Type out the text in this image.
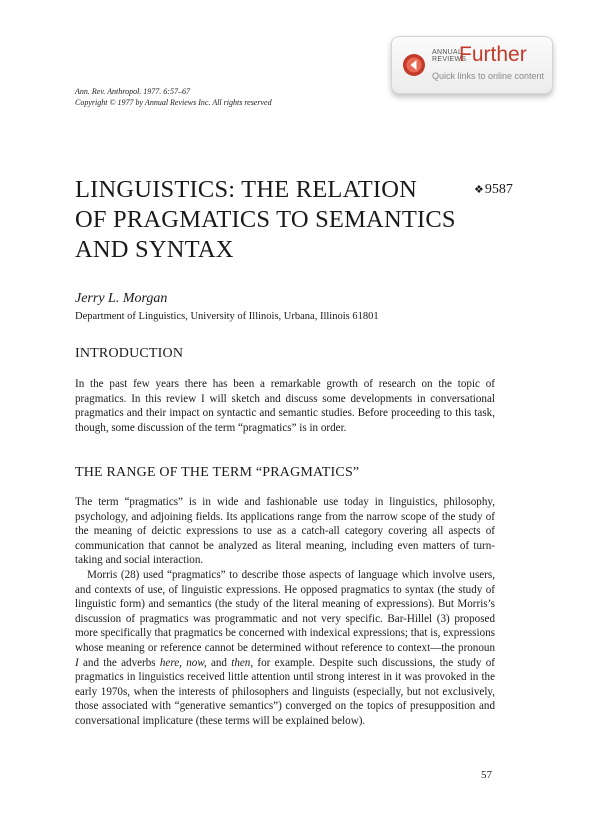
ANNUAL
REVIEWS
Further
Quick links to online content
Ann. Rev. Anthropol. 1977. 6:57–67
Copyright © 1977 by Annual Reviews Inc. All rights reserved
LINGUISTICS: THE RELATION
OF PRAGMATICS TO SEMANTICS
AND SYNTAX
❖9587
Jerry L. Morgan
Department of Linguistics, University of Illinois, Urbana, Illinois 61801
INTRODUCTION

In the past few years there has been a remarkable growth of research on the topic of pragmatics. In this review I will sketch and discuss some developments in conversational pragmatics and their impact on syntactic and semantic studies. Before proceeding to this task, though, some discussion of the term “pragmatics” is in order.

THE RANGE OF THE TERM “PRAGMATICS”

The term “pragmatics” is in wide and fashionable use today in linguistics, philosophy, psychology, and adjoining fields. Its applications range from the narrow scope of the study of the meaning of deictic expressions to use as a catch-all category covering all aspects of communication that cannot be analyzed as literal meaning, including even matters of turn-taking and social interaction.

Morris (28) used “pragmatics” to describe those aspects of language which involve users, and contexts of use, of linguistic expressions. He opposed pragmatics to syntax (the study of linguistic form) and semantics (the study of the literal meaning of expressions). But Morris’s discussion of pragmatics was programmatic and not very specific. Bar-Hillel (3) proposed more specifically that pragmatics be concerned with indexical expressions; that is, expressions whose meaning or reference cannot be determined without reference to context—the pronoun I and the adverbs here, now, and then, for example. Despite such discussions, the study of pragmatics in linguistics received little attention until strong interest in it was provoked in the early 1970s, when the interests of philosophers and linguists (especially, but not exclusively, those associated with “generative semantics”) converged on the topics of presupposition and conversational implicature (these terms will be explained below).

57
